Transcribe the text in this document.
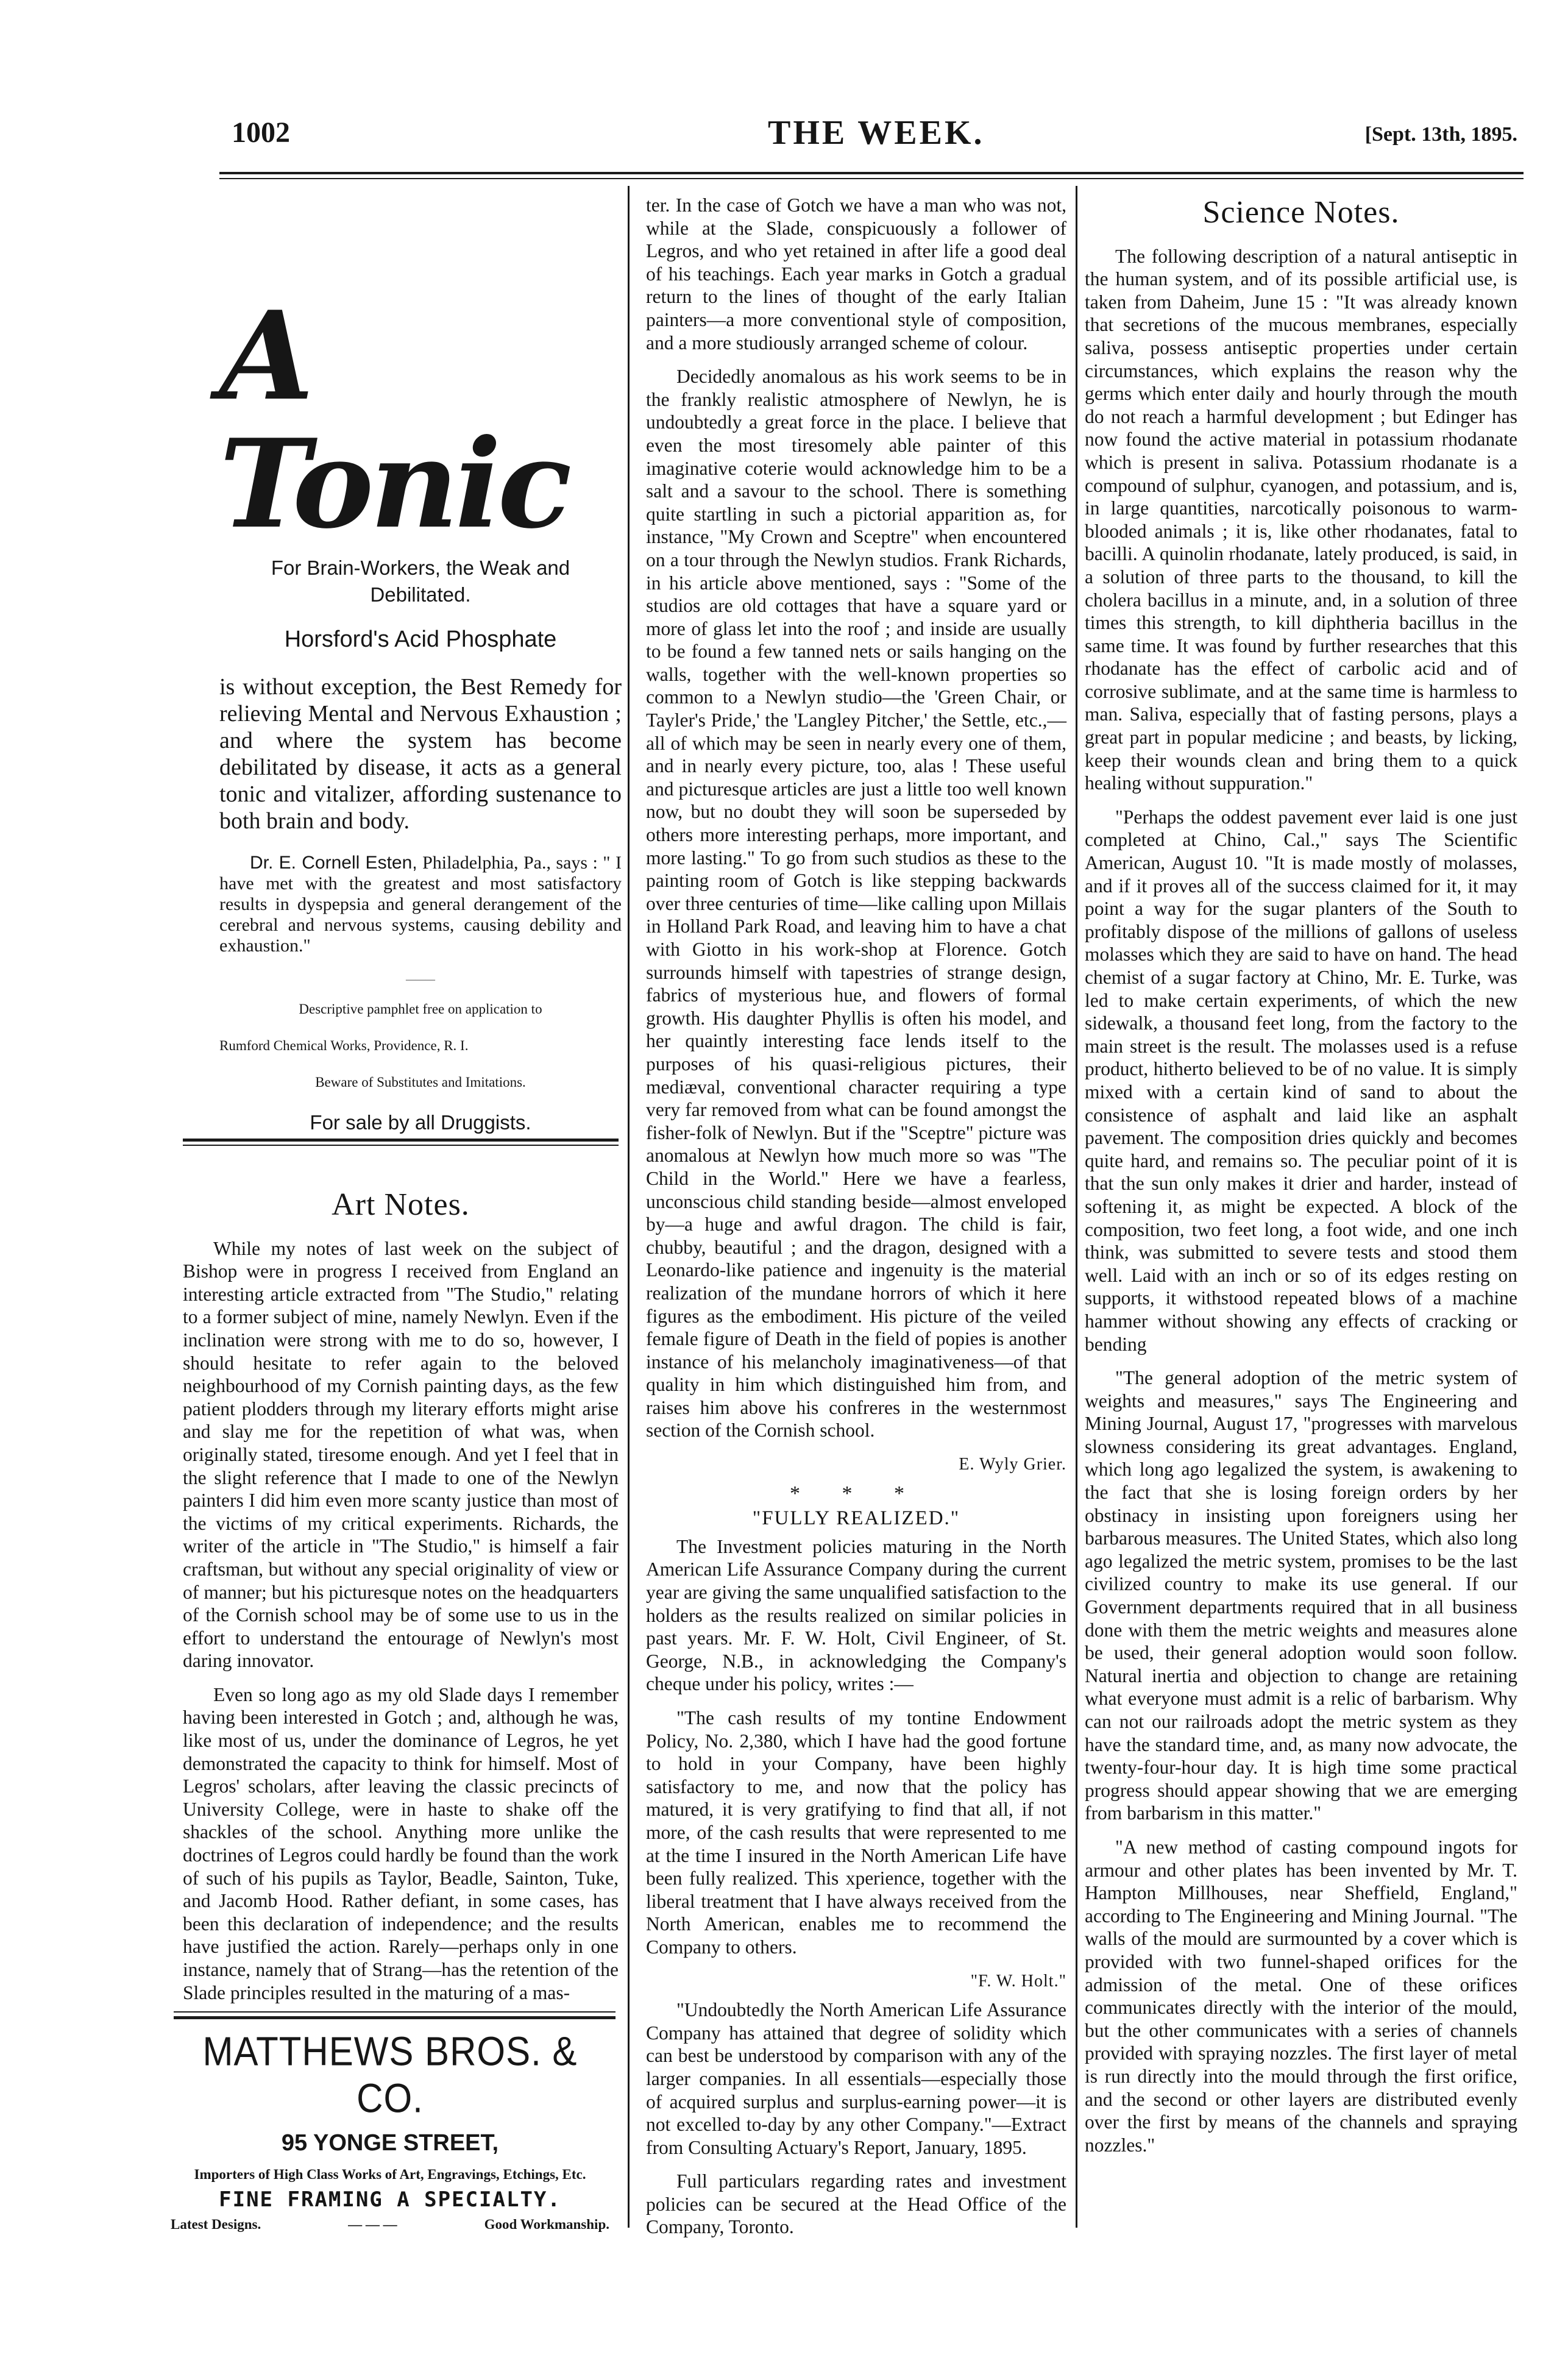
1002	THE WEEK.	[Sept. 13th, 1895.
A Tonic
For Brain-Workers, the Weak and Debilitated.
Horsford's Acid Phosphate
is without exception, the Best Remedy for relieving Mental and Nervous Exhaustion ; and where the system has become debilitated by disease, it acts as a general tonic and vitalizer, affording sustenance to both brain and body.
Dr. E. Cornell Esten, Philadelphia, Pa., says : " I have met with the greatest and most satisfactory results in dyspepsia and general derangement of the cerebral and nervous systems, causing debility and exhaustion."
———
Descriptive pamphlet free on application to
Rumford Chemical Works, Providence, R. I.
Beware of Substitutes and Imitations.
For sale by all Druggists.
Art Notes.

While my notes of last week on the subject of Bishop were in progress I received from England an interesting article extracted from "The Studio," relating to a former subject of mine, namely Newlyn. Even if the inclination were strong with me to do so, however, I should hesitate to refer again to the beloved neighbourhood of my Cornish painting days, as the few patient plodders through my literary efforts might arise and slay me for the repetition of what was, when originally stated, tiresome enough. And yet I feel that in the slight reference that I made to one of the Newlyn painters I did him even more scanty justice than most of the victims of my critical experiments. Richards, the writer of the article in "The Studio," is himself a fair craftsman, but without any special originality of view or of manner; but his picturesque notes on the headquarters of the Cornish school may be of some use to us in the effort to understand the entourage of Newlyn's most daring innovator.

Even so long ago as my old Slade days I remember having been interested in Gotch ; and, although he was, like most of us, under the dominance of Legros, he yet demonstrated the capacity to think for himself. Most of Legros' scholars, after leaving the classic precincts of University College, were in haste to shake off the shackles of the school. Anything more unlike the doctrines of Legros could hardly be found than the work of such of his pupils as Taylor, Beadle, Sainton, Tuke, and Jacomb Hood. Rather defiant, in some cases, has been this declaration of independence; and the results have justified the action. Rarely—perhaps only in one instance, namely that of Strang—has the retention of the Slade principles resulted in the maturing of a mas-

MATTHEWS BROS. & CO.
95 YONGE STREET,
Importers of High Class Works of Art, Engravings, Etchings, Etc.
FINE FRAMING A SPECIALTY.
Latest Designs.	— — —	Good Workmanship.

ter. In the case of Gotch we have a man who was not, while at the Slade, conspicuously a follower of Legros, and who yet retained in after life a good deal of his teachings. Each year marks in Gotch a gradual return to the lines of thought of the early Italian painters—a more conventional style of composition, and a more studiously arranged scheme of colour.

Decidedly anomalous as his work seems to be in the frankly realistic atmosphere of Newlyn, he is undoubtedly a great force in the place. I believe that even the most tiresomely able painter of this imaginative coterie would acknowledge him to be a salt and a savour to the school. There is something quite startling in such a pictorial apparition as, for instance, "My Crown and Sceptre" when encountered on a tour through the Newlyn studios. Frank Richards, in his article above mentioned, says : "Some of the studios are old cottages that have a square yard or more of glass let into the roof ; and inside are usually to be found a few tanned nets or sails hanging on the walls, together with the well-known properties so common to a Newlyn studio—the 'Green Chair, or Tayler's Pride,' the 'Langley Pitcher,' the Settle, etc.,—all of which may be seen in nearly every one of them, and in nearly every picture, too, alas ! These useful and picturesque articles are just a little too well known now, but no doubt they will soon be superseded by others more interesting perhaps, more important, and more lasting." To go from such studios as these to the painting room of Gotch is like stepping backwards over three centuries of time—like calling upon Millais in Holland Park Road, and leaving him to have a chat with Giotto in his work-shop at Florence. Gotch surrounds himself with tapestries of strange design, fabrics of mysterious hue, and flowers of formal growth. His daughter Phyllis is often his model, and her quaintly interesting face lends itself to the purposes of his quasi-religious pictures, their mediæval, conventional character requiring a type very far removed from what can be found amongst the fisher-folk of Newlyn. But if the "Sceptre" picture was anomalous at Newlyn how much more so was "The Child in the World." Here we have a fearless, unconscious child standing beside—almost enveloped by—a huge and awful dragon. The child is fair, chubby, beautiful ; and the dragon, designed with a Leonardo-like patience and ingenuity is the material realization of the mundane horrors of which it here figures as the embodiment. His picture of the veiled female figure of Death in the field of popies is another instance of his melancholy imaginativeness—of that quality in him which distinguished him from, and raises him above his confreres in the westernmost section of the Cornish school.

E. Wyly Grier.
* * *
"FULLY REALIZED."

The Investment policies maturing in the North American Life Assurance Company during the current year are giving the same unqualified satisfaction to the holders as the results realized on similar policies in past years. Mr. F. W. Holt, Civil Engineer, of St. George, N.B., in acknowledging the Company's cheque under his policy, writes :—

"The cash results of my tontine Endowment Policy, No. 2,380, which I have had the good fortune to hold in your Company, have been highly satisfactory to me, and now that the policy has matured, it is very gratifying to find that all, if not more, of the cash results that were represented to me at the time I insured in the North American Life have been fully realized. This xperience, together with the liberal treatment that I have always received from the North American, enables me to recommend the Company to others.

"F. W. Holt."

"Undoubtedly the North American Life Assurance Company has attained that degree of solidity which can best be understood by comparison with any of the larger companies. In all essentials—especially those of acquired surplus and surplus-earning power—it is not excelled to-day by any other Company."—Extract from Consulting Actuary's Report, January, 1895.

Full particulars regarding rates and investment policies can be secured at the Head Office of the Company, Toronto.

Science Notes.

The following description of a natural antiseptic in the human system, and of its possible artificial use, is taken from Daheim, June 15 : "It was already known that secretions of the mucous membranes, especially saliva, possess antiseptic properties under certain circumstances, which explains the reason why the germs which enter daily and hourly through the mouth do not reach a harmful development ; but Edinger has now found the active material in potassium rhodanate which is present in saliva. Potassium rhodanate is a compound of sulphur, cyanogen, and potassium, and is, in large quantities, narcotically poisonous to warm-blooded animals ; it is, like other rhodanates, fatal to bacilli. A quinolin rhodanate, lately produced, is said, in a solution of three parts to the thousand, to kill the cholera bacillus in a minute, and, in a solution of three times this strength, to kill diphtheria bacillus in the same time. It was found by further researches that this rhodanate has the effect of carbolic acid and of corrosive sublimate, and at the same time is harmless to man. Saliva, especially that of fasting persons, plays a great part in popular medicine ; and beasts, by licking, keep their wounds clean and bring them to a quick healing without suppuration."

"Perhaps the oddest pavement ever laid is one just completed at Chino, Cal.," says The Scientific American, August 10. "It is made mostly of molasses, and if it proves all of the success claimed for it, it may point a way for the sugar planters of the South to profitably dispose of the millions of gallons of useless molasses which they are said to have on hand. The head chemist of a sugar factory at Chino, Mr. E. Turke, was led to make certain experiments, of which the new sidewalk, a thousand feet long, from the factory to the main street is the result. The molasses used is a refuse product, hitherto believed to be of no value. It is simply mixed with a certain kind of sand to about the consistence of asphalt and laid like an asphalt pavement. The composition dries quickly and becomes quite hard, and remains so. The peculiar point of it is that the sun only makes it drier and harder, instead of softening it, as might be expected. A block of the composition, two feet long, a foot wide, and one inch think, was submitted to severe tests and stood them well. Laid with an inch or so of its edges resting on supports, it withstood repeated blows of a machine hammer without showing any effects of cracking or bending

"The general adoption of the metric system of weights and measures," says The Engineering and Mining Journal, August 17, "progresses with marvelous slowness considering its great advantages. England, which long ago legalized the system, is awakening to the fact that she is losing foreign orders by her obstinacy in insisting upon foreigners using her barbarous measures. The United States, which also long ago legalized the metric system, promises to be the last civilized country to make its use general. If our Government departments required that in all business done with them the metric weights and measures alone be used, their general adoption would soon follow. Natural inertia and objection to change are retaining what everyone must admit is a relic of barbarism. Why can not our railroads adopt the metric system as they have the standard time, and, as many now advocate, the twenty-four-hour day. It is high time some practical progress should appear showing that we are emerging from barbarism in this matter."

"A new method of casting compound ingots for armour and other plates has been invented by Mr. T. Hampton Millhouses, near Sheffield, England," according to The Engineering and Mining Journal. "The walls of the mould are surmounted by a cover which is provided with two funnel-shaped orifices for the admission of the metal. One of these orifices communicates directly with the interior of the mould, but the other communicates with a series of channels provided with spraying nozzles. The first layer of metal is run directly into the mould through the first orifice, and the second or other layers are distributed evenly over the first by means of the channels and spraying nozzles."
